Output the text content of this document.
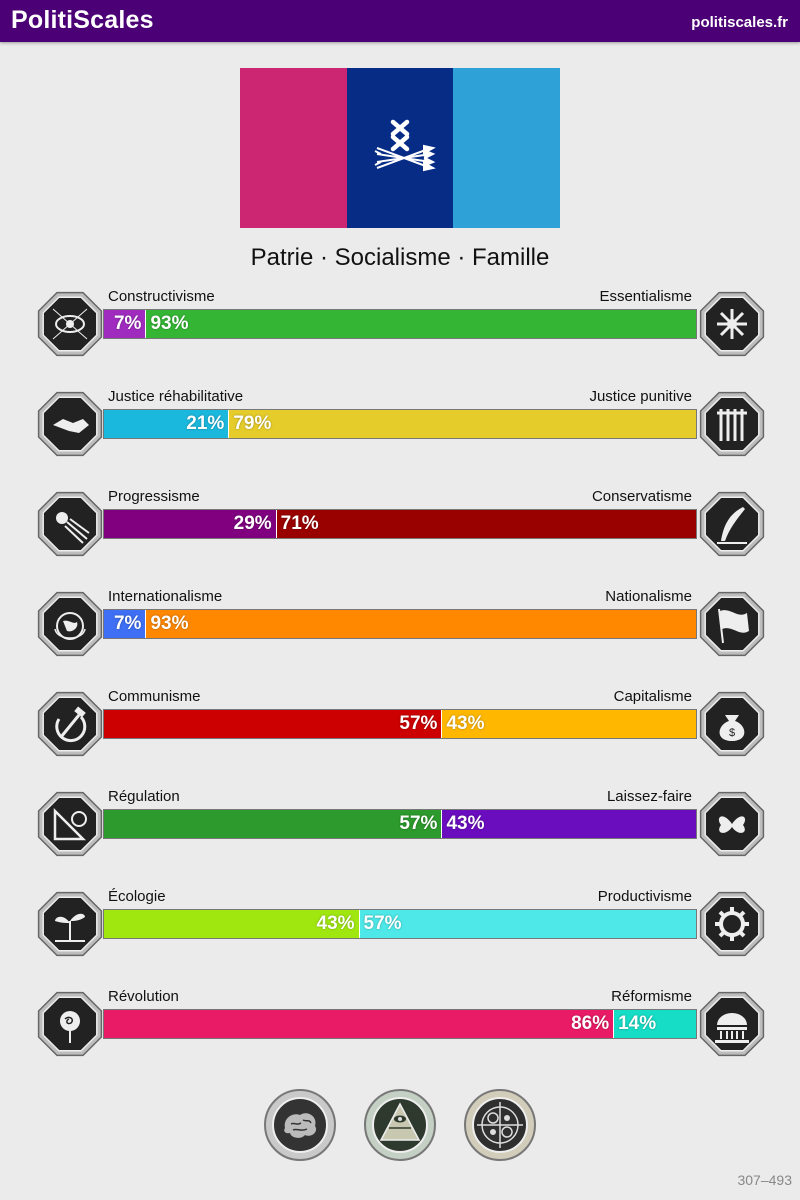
PolitiScales	politiscales.fr
Patrie · Socialisme · Famille
Constructivisme	Essentialisme
7% 93%
Justice réhabilitative	Justice punitive
21% 79%
Progressisme	Conservatisme
29% 71%
Internationalisme	Nationalisme
7% 93%
Communisme	Capitalisme
57% 43%	$
Régulation	Laissez-faire
57% 43%
Écologie	Productivisme
43% 57%
Révolution	Réformisme
86% 14%
307–493
